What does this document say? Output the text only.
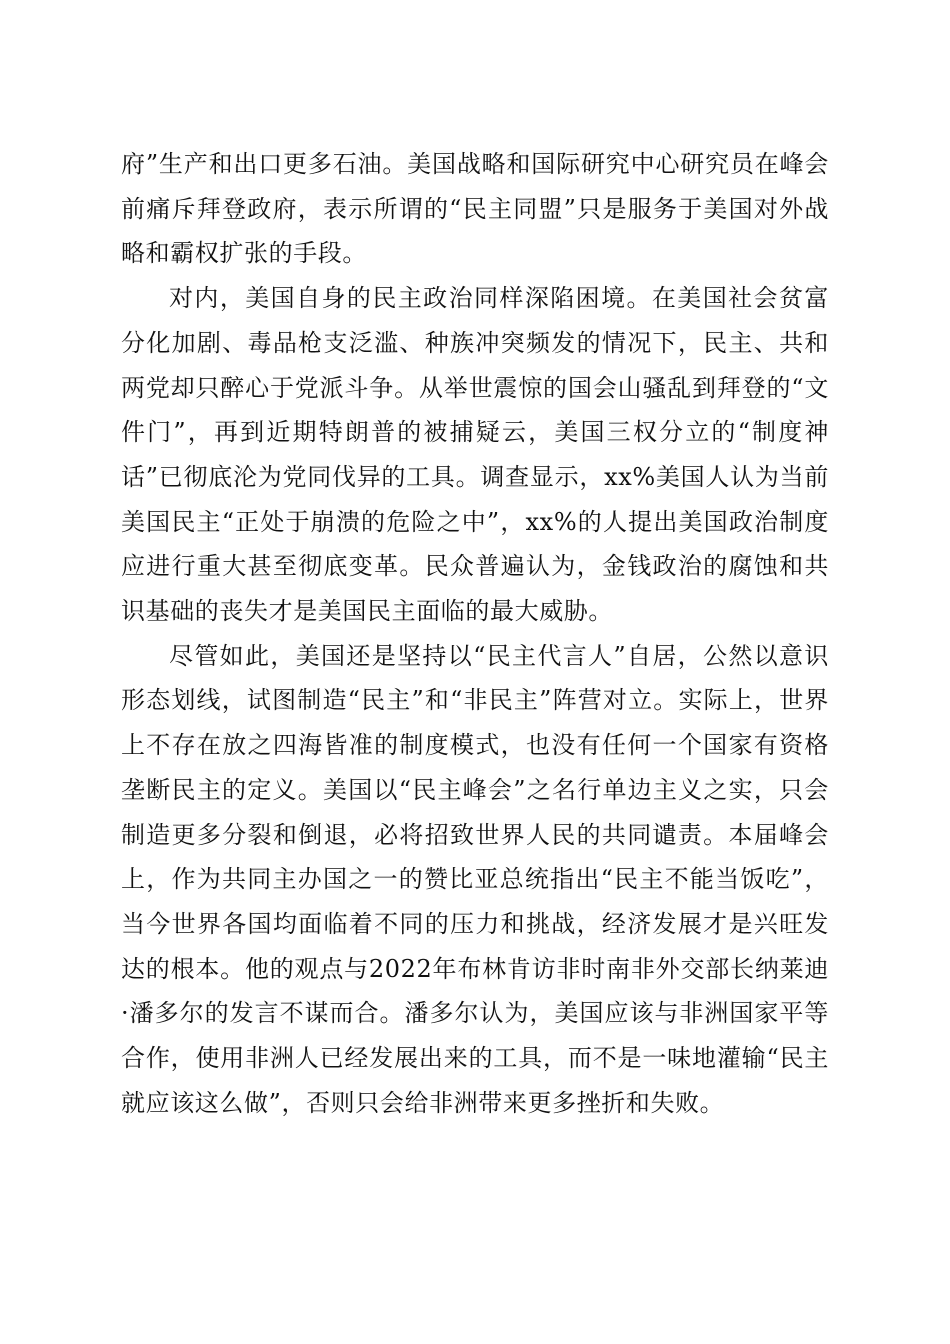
府”生产和出口更多石油。美国战略和国际研究中心研究员在峰会前痛斥拜登政府，表示所谓的“民主同盟”只是服务于美国对外战略和霸权扩张的手段。

对内，美国自身的民主政治同样深陷困境。在美国社会贫富分化加剧、毒品枪支泛滥、种族冲突频发的情况下，民主、共和两党却只醉心于党派斗争。从举世震惊的国会山骚乱到拜登的“文件门”，再到近期特朗普的被捕疑云，美国三权分立的“制度神话”已彻底沦为党同伐异的工具。调查显示，xx%美国人认为当前美国民主“正处于崩溃的危险之中”，xx%的人提出美国政治制度应进行重大甚至彻底变革。民众普遍认为，金钱政治的腐蚀和共识基础的丧失才是美国民主面临的最大威胁。

尽管如此，美国还是坚持以“民主代言人”自居，公然以意识形态划线，试图制造“民主”和“非民主”阵营对立。实际上，世界上不存在放之四海皆准的制度模式，也没有任何一个国家有资格垄断民主的定义。美国以“民主峰会”之名行单边主义之实，只会制造更多分裂和倒退，必将招致世界人民的共同谴责。本届峰会上，作为共同主办国之一的赞比亚总统指出“民主不能当饭吃”，当今世界各国均面临着不同的压力和挑战，经济发展才是兴旺发达的根本。他的观点与2022年布林肯访非时南非外交部长纳莱迪·潘多尔的发言不谋而合。潘多尔认为，美国应该与非洲国家平等合作，使用非洲人已经发展出来的工具，而不是一味地灌输“民主就应该这么做”，否则只会给非洲带来更多挫折和失败。
